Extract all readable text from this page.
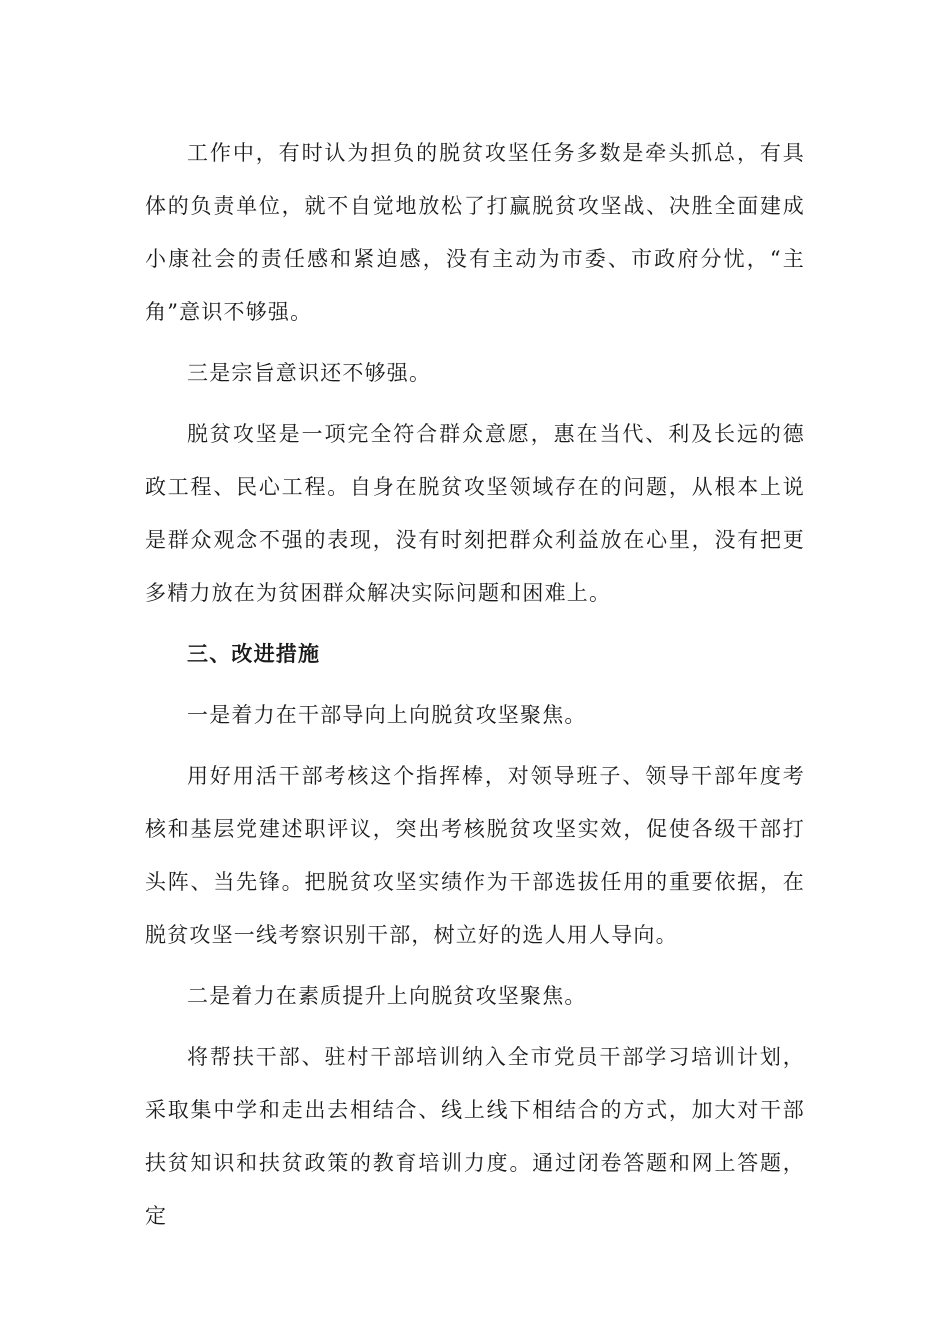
工作中，有时认为担负的脱贫攻坚任务多数是牵头抓总，有具体的负责单位，就不自觉地放松了打赢脱贫攻坚战、决胜全面建成小康社会的责任感和紧迫感，没有主动为市委、市政府分忧，“主角”意识不够强。

三是宗旨意识还不够强。

脱贫攻坚是一项完全符合群众意愿，惠在当代、利及长远的德政工程、民心工程。自身在脱贫攻坚领域存在的问题，从根本上说是群众观念不强的表现，没有时刻把群众利益放在心里，没有把更多精力放在为贫困群众解决实际问题和困难上。

三、改进措施

一是着力在干部导向上向脱贫攻坚聚焦。

用好用活干部考核这个指挥棒，对领导班子、领导干部年度考核和基层党建述职评议，突出考核脱贫攻坚实效，促使各级干部打头阵、当先锋。把脱贫攻坚实绩作为干部选拔任用的重要依据，在脱贫攻坚一线考察识别干部，树立好的选人用人导向。

二是着力在素质提升上向脱贫攻坚聚焦。

将帮扶干部、驻村干部培训纳入全市党员干部学习培训计划，采取集中学和走出去相结合、线上线下相结合的方式，加大对干部扶贫知识和扶贫政策的教育培训力度。通过闭卷答题和网上答题，定
